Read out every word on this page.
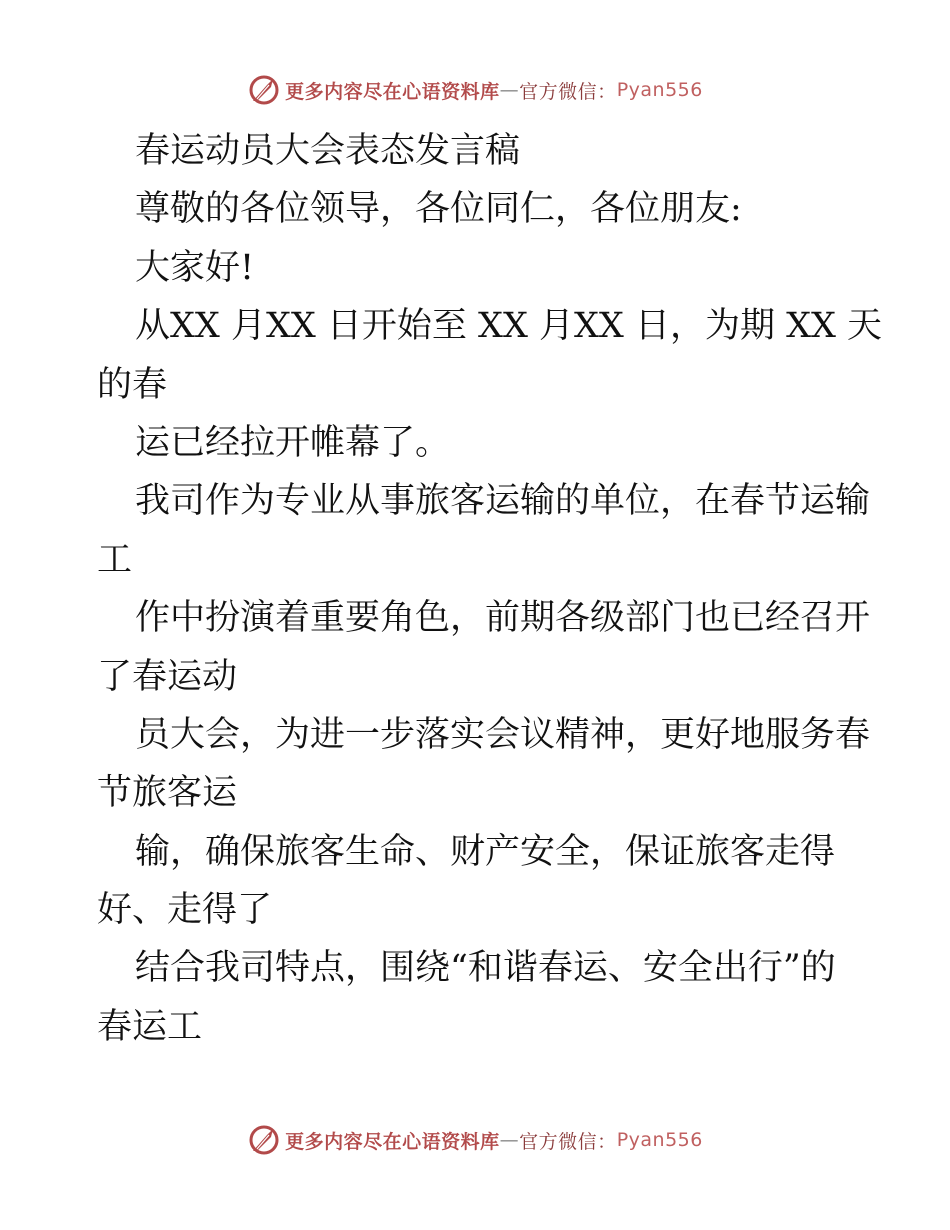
更多内容尽在心语资料库 — 官方微信： Pyan556
春运动员大会表态发言稿
尊敬的各位领导，各位同仁，各位朋友:
大家好!
从XX 月XX 日开始至 XX 月XX 日，为期 XX 天
的春
运已经拉开帷幕了。
我司作为专业从事旅客运输的单位，在春节运输
工
作中扮演着重要角色，前期各级部门也已经召开
了春运动
员大会，为进一步落实会议精神，更好地服务春
节旅客运
输，确保旅客生命、财产安全，保证旅客走得
好、走得了
结合我司特点，围绕“和谐春运、安全出行”的
春运工
更多内容尽在心语资料库 — 官方微信： Pyan556
